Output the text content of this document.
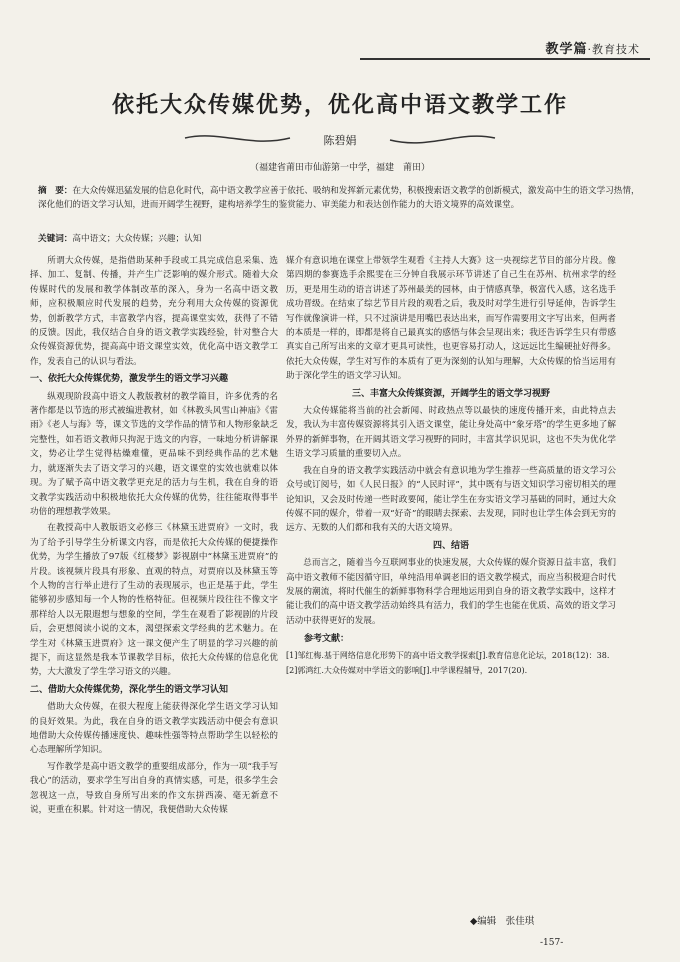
教学篇·教育技术
依托大众传媒优势，优化高中语文教学工作
陈碧娟
（福建省莆田市仙游第一中学，福建　莆田）
摘　要：在大众传媒迅猛发展的信息化时代，高中语文教学应善于依托、吸纳和发挥新元素优势，积极搜索语文教学的创新模式，激发高中生的语文学习热情，深化他们的语文学习认知，进而开阔学生视野，建构培养学生的鉴赏能力、审美能力和表达创作能力的大语文境界的高效课堂。
关键词：高中语文；大众传媒；兴趣；认知

所谓大众传媒，是指借助某种手段或工具完成信息采集、选择、加工、复制、传播，并产生广泛影响的媒介形式。随着大众传媒时代的发展和教学体制改革的深入，身为一名高中语文教师，应积极顺应时代发展的趋势，充分利用大众传媒的资源优势，创新教学方式，丰富教学内容，提高课堂实效，获得了不错的反馈。因此，我仅结合自身的语文教学实践经验，针对整合大众传媒资源优势，提高高中语文课堂实效，优化高中语文教学工作，发表自己的认识与看法。

一、依托大众传媒优势，激发学生的语文学习兴趣

纵观现阶段高中语文人教版教材的教学篇目，许多优秀的名著作都是以节选的形式被编进教材，如《林教头风雪山神庙》《雷雨》《老人与海》等，课文节选的文学作品的情节和人物形象缺乏完整性，如若语文教师只拘泥于选文的内容，一味地分析讲解课文，势必让学生觉得枯燥难懂，更品味不到经典作品的艺术魅力，就逐渐失去了语文学习的兴趣，语文课堂的实效也就难以体现。为了赋予高中语文教学更充足的活力与生机，我在自身的语文教学实践活动中积极地依托大众传媒的优势，往往能取得事半功倍的理想教学效果。

在教授高中人教版语文必修三《林黛玉进贾府》一文时，我为了给予引导学生分析课文内容，而是依托大众传媒的便捷操作优势，为学生播放了97版《红楼梦》影视剧中“林黛玉进贾府”的片段。该视频片段具有形象、直观的特点，对贾府以及林黛玉等个人物的言行举止进行了生动的表现展示，也正是基于此，学生能够初步感知每一个人物的性格特征。但视频片段往往不像文字那样给人以无限遐想与想象的空间，学生在观看了影视剧的片段后，会更想阅读小说的文本，渴望探索文学经典的艺术魅力。在学生对《林黛玉进贾府》这一课文便产生了明显的学习兴趣的前提下，而这显然是我本节课教学目标，依托大众传媒的信息化优势，大大激发了学生学习语文的兴趣。

二、借助大众传媒优势，深化学生的语文学习认知

借助大众传媒，在很大程度上能获得深化学生语文学习认知的良好效果。为此，我在自身的语文教学实践活动中便会有意识地借助大众传媒传播速度快、趣味性强等特点帮助学生以轻松的心态理解所学知识。

写作教学是高中语文教学的重要组成部分，作为一项“我手写我心”的活动，要求学生写出自身的真情实感，可是，很多学生会忽视这一点，导致自身所写出来的作文东拼西凑、毫无新意不说，更重在积累。针对这一情况，我便借助大众传媒

媒介有意识地在课堂上带领学生观看《主持人大赛》这一央视综艺节目的部分片段。像第四期的参赛选手余熙雯在三分钟自我展示环节讲述了自己生在苏州、杭州求学的经历，更是用生动的语言讲述了苏州最美的园林，由于情感真挚，极富代入感，这名选手成功晋级。在结束了综艺节目片段的观看之后，我及时对学生进行引导延伸，告诉学生写作就像演讲一样，只不过演讲是用嘴巴表达出来，而写作需要用文字写出来，但两者的本质是一样的，即都是将自己最真实的感悟与体会呈现出来；我还告诉学生只有带感真实自己所写出来的文章才更具可读性，也更容易打动人，这远远比生编硬扯好得多。依托大众传媒，学生对写作的本质有了更为深刻的认知与理解，大众传媒的恰当运用有助于深化学生的语文学习认知。

三、丰富大众传媒资源，开阔学生的语文学习视野

大众传媒能将当前的社会新闻、时政热点等以最快的速度传播开来，由此特点去发，我认为丰富传媒资源将其引入语文课堂，能让身处高中“象牙塔”的学生更多地了解外界的新鲜事物，在开阔其语文学习视野的同时，丰富其学识见识，这也不失为优化学生语文学习质量的重要切入点。

我在自身的语文教学实践活动中就会有意识地为学生推荐一些高质量的语文学习公众号或订阅号，如《人民日报》的“人民时评”，其中既有与语文知识学习密切相关的理论知识，又会及时传递一些时政要闻，能让学生在夯实语文学习基础的同时，通过大众传媒不同的媒介，带着一双“好奇”的眼睛去探索、去发现，同时也让学生体会到无穷的远方、无数的人们都和我有关的大语文境界。

四、结语

总而言之，随着当今互联网事业的快速发展，大众传媒的媒介资源日益丰富，我们高中语文教师不能因循守旧，单纯沿用单调老旧的语文教学模式，而应当积极迎合时代发展的潮流，将时代催生的新鲜事物科学合理地运用到自身的语文教学实践中，这样才能让我们的高中语文教学活动始终具有活力，我们的学生也能在优质、高效的语文学习活动中获得更好的发展。

参考文献：
[1]邹红梅.基于网络信息化形势下的高中语文教学探索[J].教育信息化论坛，2018(12)：38.
[2]郭鸿红.大众传媒对中学语文的影响[J].中学课程辅导，2017(20).
◆编辑　张佳琪
-157-
